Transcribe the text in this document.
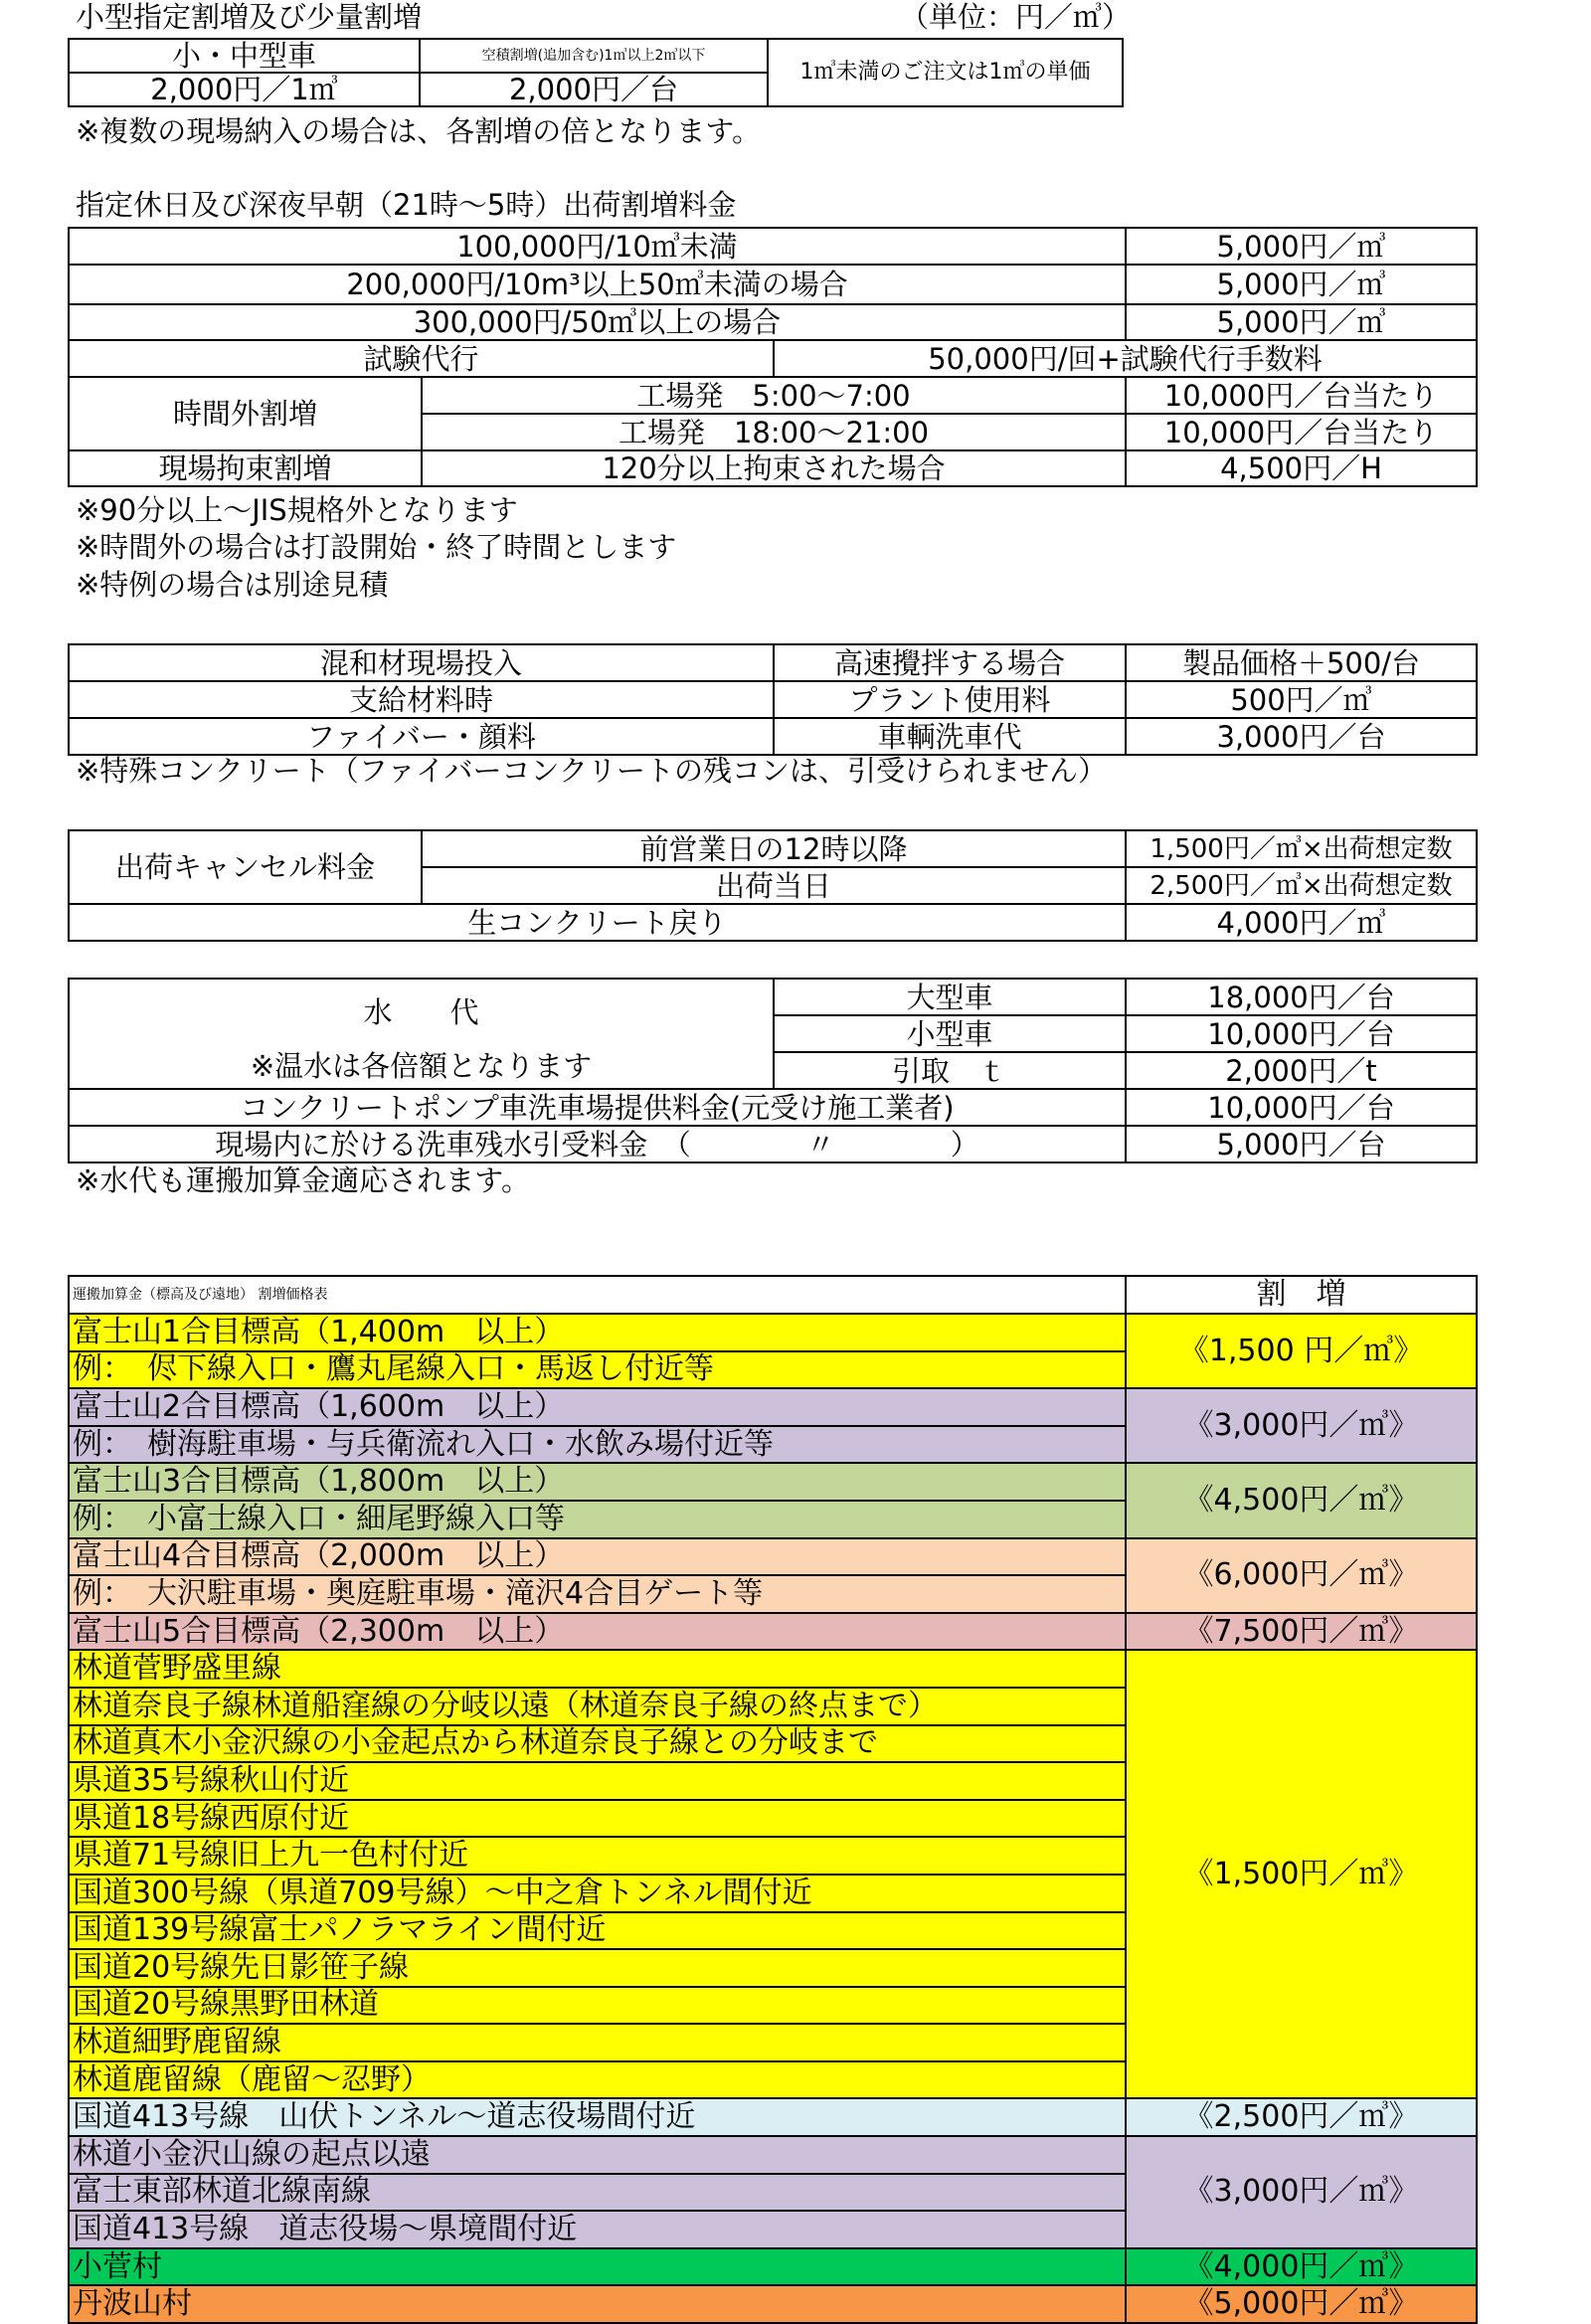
小型指定割増及び少量割増	（単位：円／㎥）
小・中型車	空積割増(追加含む)1㎥以上2㎥以下	1㎥未満のご注文は1㎥の単価
2,000円／1㎥	2,000円／台	
※複数の現場納入の場合は、各割増の倍となります。
指定休日及び深夜早朝（21時～5時）出荷割増料金
100,000円/10㎥未満			5,000円／㎥
200,000円/10m³以上50㎥未満の場合			5,000円／㎥
300,000円/50㎥以上の場合			5,000円／㎥
試験代行		50,000円/回+試験代行手数料	
時間外割増	工場発　5:00～7:00		10,000円／台当たり
	工場発　18:00～21:00		10,000円／台当たり
現場拘束割増	120分以上拘束された場合		4,500円／H
※90分以上～JIS規格外となります
※時間外の場合は打設開始・終了時間とします
※特例の場合は別途見積
混和材現場投入	高速攪拌する場合	製品価格＋500/台
支給材料時	プラント使用料	500円／㎥
ファイバー・顔料	車輌洗車代	3,000円／台
※特殊コンクリート（ファイバーコンクリートの残コンは、引受けられません）
出荷キャンセル料金	前営業日の12時以降	1,500円／㎥×出荷想定数
	出荷当日	2,500円／㎥×出荷想定数
生コンクリート戻り		4,000円／㎥
水　　代
※温水は各倍額となります	大型車	18,000円／台
	小型車	10,000円／台
	引取　ｔ	2,000円／t
コンクリートポンプ車洗車場提供料金(元受け施工業者)		10,000円／台
現場内に於ける洗車残水引受料金　（　　　　〃　　　　）		5,000円／台
※水代も運搬加算金適応されます。
運搬加算金（標高及び遠地） 割増価格表	割　増
富士山1合目標高（1,400m　以上）	《1,500 円／㎥》
例：　侭下線入口・鷹丸尾線入口・馬返し付近等	
富士山2合目標高（1,600m　以上）	《3,000円／㎥》
例：　樹海駐車場・与兵衛流れ入口・水飲み場付近等	
富士山3合目標高（1,800m　以上）	《4,500円／㎥》
例：　小富士線入口・細尾野線入口等	
富士山4合目標高（2,000m　以上）	《6,000円／㎥》
例：　大沢駐車場・奥庭駐車場・滝沢4合目ゲート等	
富士山5合目標高（2,300m　以上）	《7,500円／㎥》
林道菅野盛里線	《1,500円／㎥》
林道奈良子線林道船窪線の分岐以遠（林道奈良子線の終点まで）	
林道真木小金沢線の小金起点から林道奈良子線との分岐まで	
県道35号線秋山付近	
県道18号線西原付近	
県道71号線旧上九一色村付近	
国道300号線（県道709号線）～中之倉トンネル間付近	
国道139号線富士パノラマライン間付近	
国道20号線先日影笹子線	
国道20号線黒野田林道	
林道細野鹿留線	
林道鹿留線（鹿留～忍野）	
国道413号線　山伏トンネル～道志役場間付近	《2,500円／㎥》
林道小金沢山線の起点以遠	《3,000円／㎥》
富士東部林道北線南線	
国道413号線　道志役場～県境間付近	
小菅村	《4,000円／㎥》
丹波山村	《5,000円／㎥》
